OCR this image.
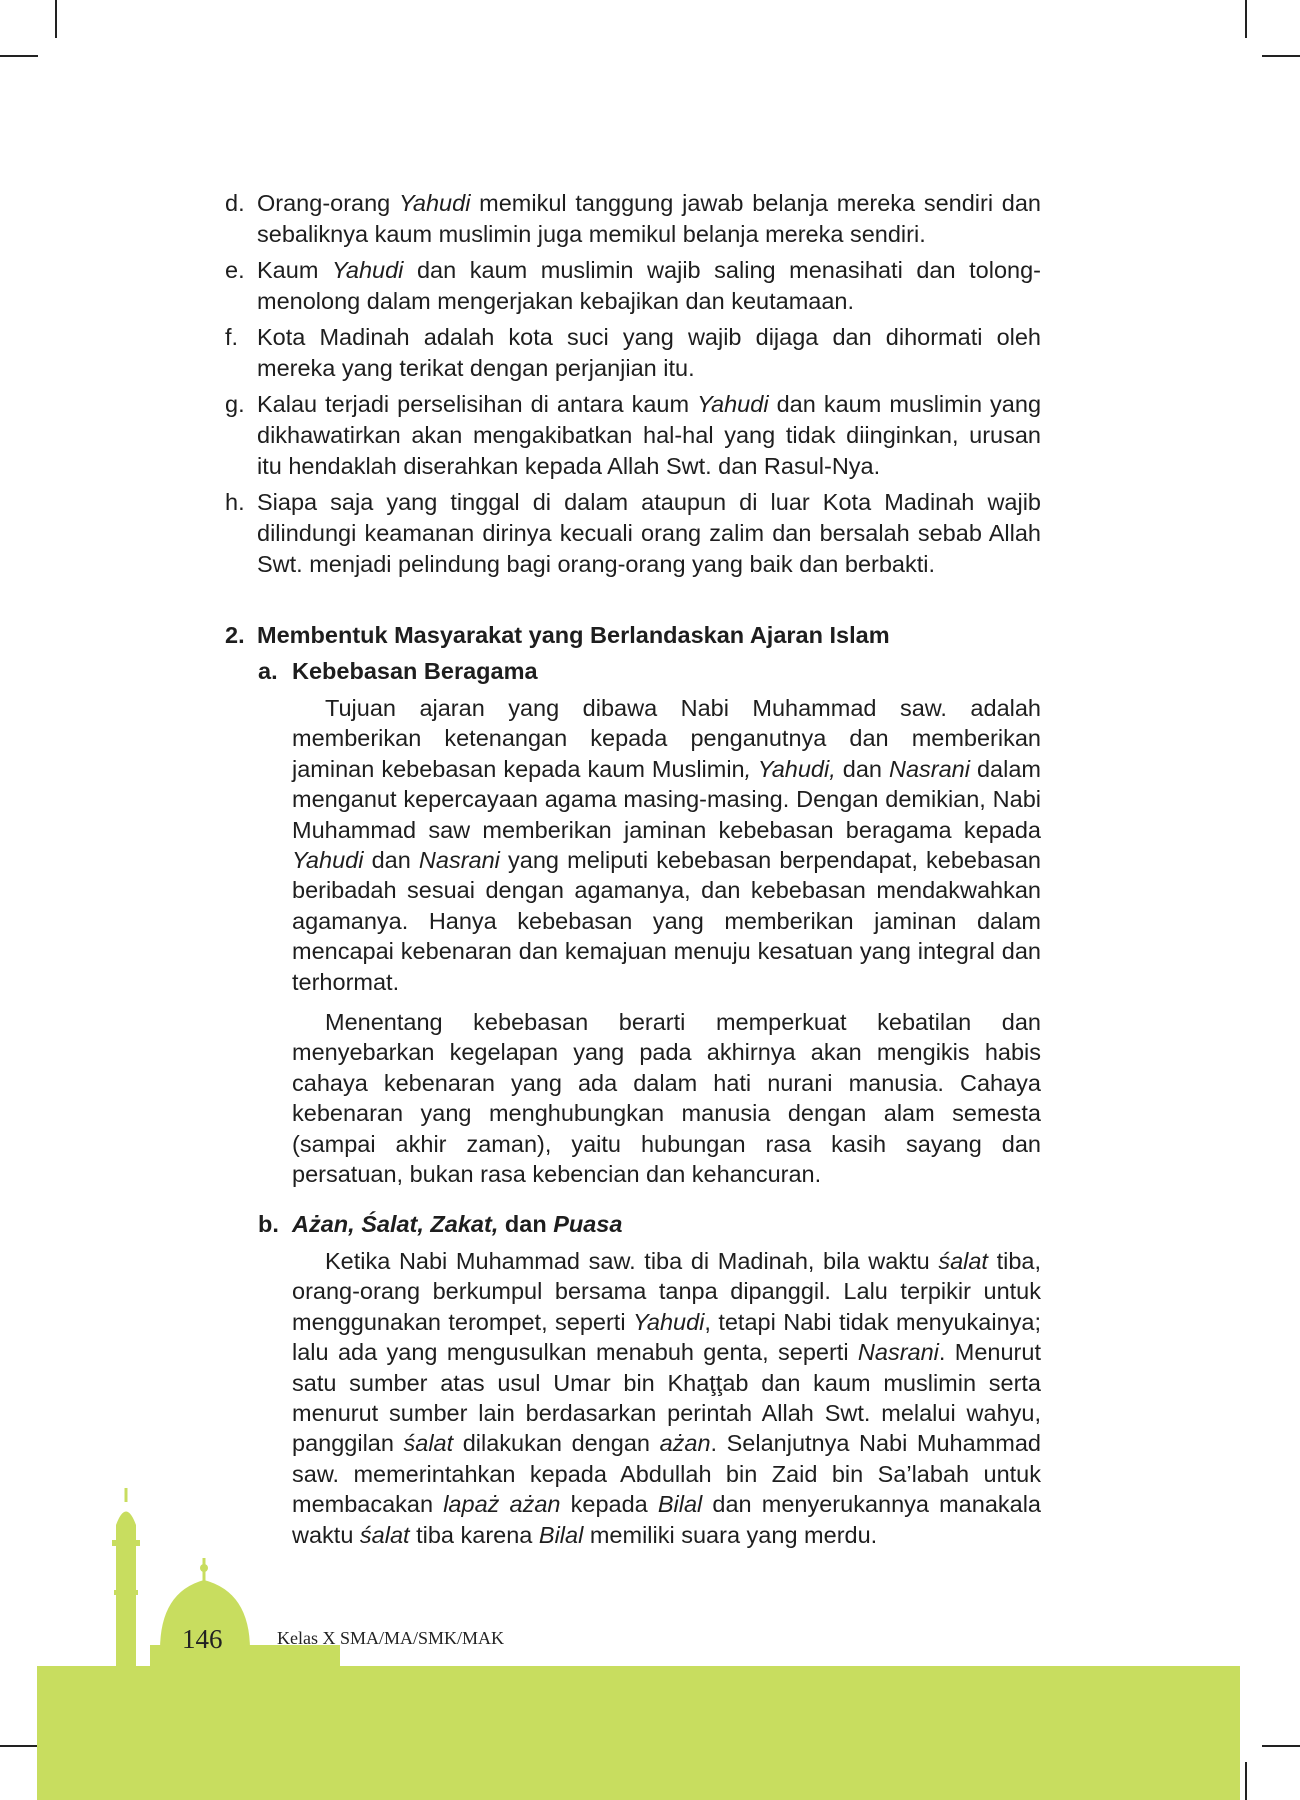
d. Orang-orang Yahudi memikul tanggung jawab belanja mereka sendiri dan sebaliknya kaum muslimin juga memikul belanja mereka sendiri.
e. Kaum Yahudi dan kaum muslimin wajib saling menasihati dan tolong-menolong dalam mengerjakan kebajikan dan keutamaan.
f. Kota Madinah adalah kota suci yang wajib dijaga dan dihormati oleh mereka yang terikat dengan perjanjian itu.
g. Kalau terjadi perselisihan di antara kaum Yahudi dan kaum muslimin yang dikhawatirkan akan mengakibatkan hal-hal yang tidak diinginkan, urusan itu hendaklah diserahkan kepada Allah Swt. dan Rasul-Nya.
h. Siapa saja yang tinggal di dalam ataupun di luar Kota Madinah wajib dilindungi keamanan dirinya kecuali orang zalim dan bersalah sebab Allah Swt. menjadi pelindung bagi orang-orang yang baik dan berbakti.
2. Membentuk Masyarakat yang Berlandaskan Ajaran Islam
a. Kebebasan Beragama

Tujuan ajaran yang dibawa Nabi Muhammad saw. adalah memberikan ketenangan kepada penganutnya dan memberikan jaminan kebebasan kepada kaum Muslimin, Yahudi, dan Nasrani dalam menganut kepercayaan agama masing-masing. Dengan demikian, Nabi Muhammad saw memberikan jaminan kebebasan beragama kepada Yahudi dan Nasrani yang meliputi kebebasan berpendapat, kebebasan beribadah sesuai dengan agamanya, dan kebebasan mendakwahkan agamanya. Hanya kebebasan yang memberikan jaminan dalam mencapai kebenaran dan kemajuan menuju kesatuan yang integral dan terhormat.

Menentang kebebasan berarti memperkuat kebatilan dan menyebarkan kegelapan yang pada akhirnya akan mengikis habis cahaya kebenaran yang ada dalam hati nurani manusia. Cahaya kebenaran yang menghubungkan manusia dengan alam semesta (sampai akhir zaman), yaitu hubungan rasa kasih sayang dan persatuan, bukan rasa kebencian dan kehancuran.

b. Ażan, Śalat, Zakat, dan Puasa

Ketika Nabi Muhammad saw. tiba di Madinah, bila waktu śalat tiba, orang-orang berkumpul bersama tanpa dipanggil. Lalu terpikir untuk menggunakan terompet, seperti Yahudi, tetapi Nabi tidak menyukainya; lalu ada yang mengusulkan menabuh genta, seperti Nasrani. Menurut satu sumber atas usul Umar bin Khaţţab dan kaum muslimin serta menurut sumber lain berdasarkan perintah Allah Swt. melalui wahyu, panggilan śalat dilakukan dengan ażan. Selanjutnya Nabi Muhammad saw. memerintahkan kepada Abdullah bin Zaid bin Sa’labah untuk membacakan lapaż ażan kepada Bilal dan menyerukannya manakala waktu śalat tiba karena Bilal memiliki suara yang merdu.

146	Kelas X SMA/MA/SMK/MAK
